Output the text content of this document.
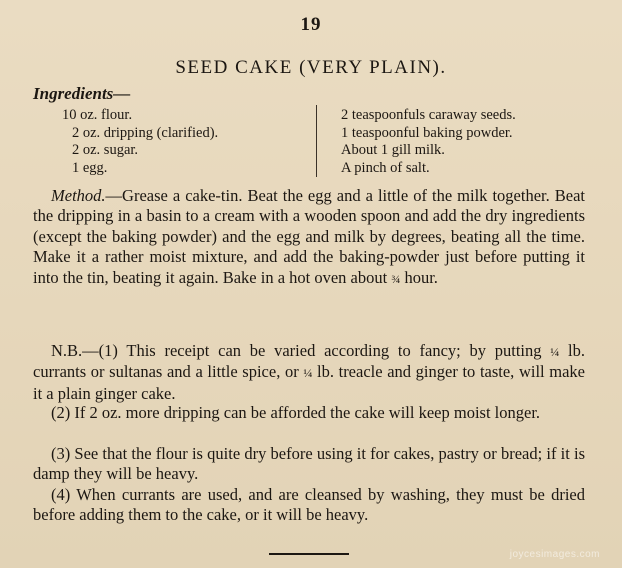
19
SEED CAKE (VERY PLAIN).
Ingredients—
10 oz. flour.
2 oz. dripping (clarified).
2 oz. sugar.
1 egg.
2 teaspoonfuls caraway seeds.
1 teaspoonful baking powder.
About 1 gill milk.
A pinch of salt.

Method.—Grease a cake-tin. Beat the egg and a little of the milk together. Beat the dripping in a basin to a cream with a wooden spoon and add the dry ingredients (except the baking powder) and the egg and milk by degrees, beating all the time. Make it a rather moist mixture, and add the baking-powder just before putting it into the tin, beating it again. Bake in a hot oven about ¾ hour.

N.B.—(1) This receipt can be varied according to fancy; by putting ¼ lb. currants or sultanas and a little spice, or ¼ lb. treacle and ginger to taste, will make it a plain ginger cake.

(2) If 2 oz. more dripping can be afforded the cake will keep moist longer.

(3) See that the flour is quite dry before using it for cakes, pastry or bread; if it is damp they will be heavy.

(4) When currants are used, and are cleansed by washing, they must be dried before adding them to the cake, or it will be heavy.

joycesimages.com
